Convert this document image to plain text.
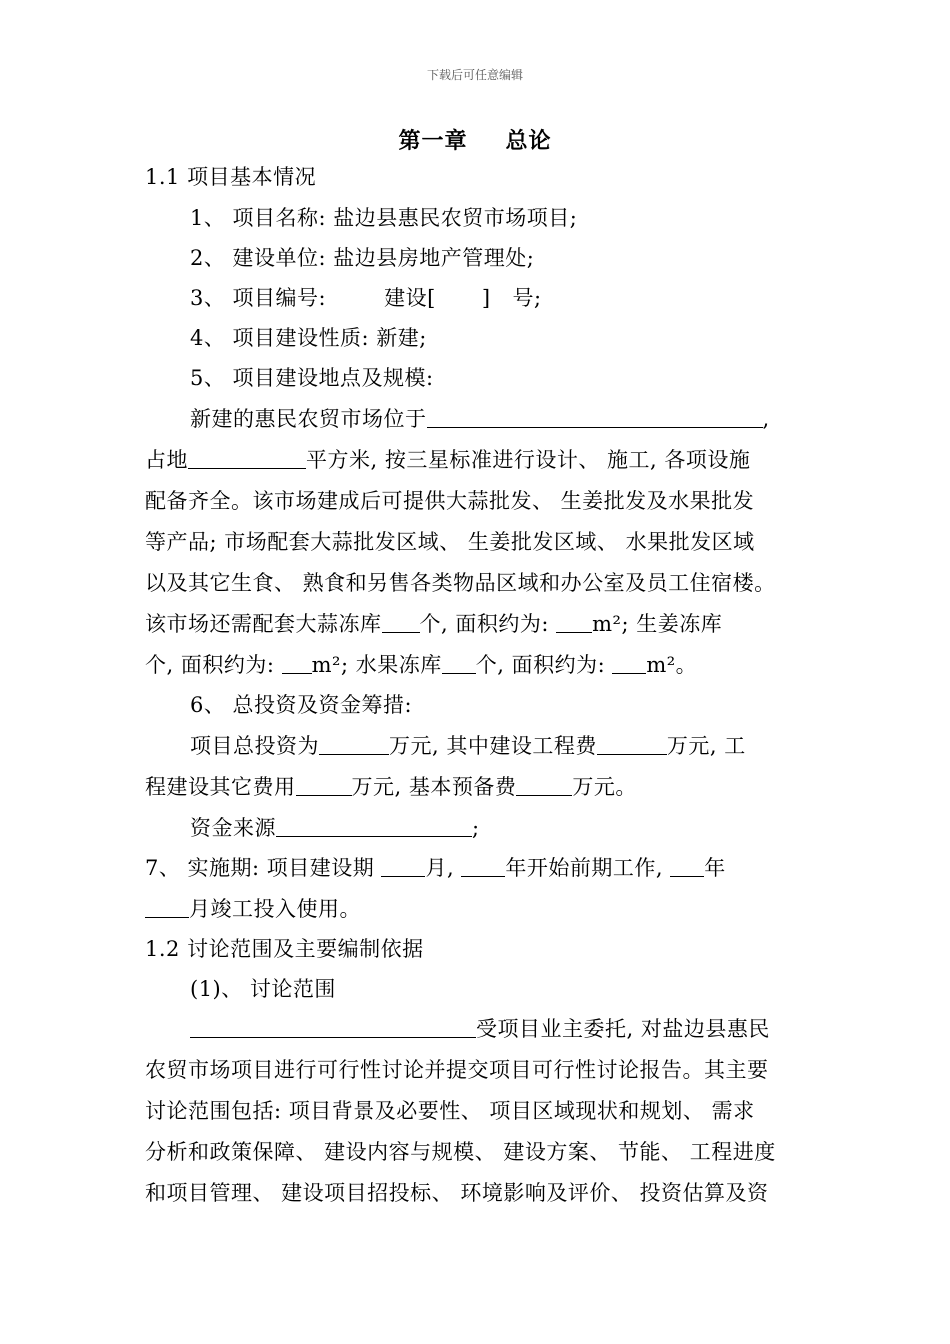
下载后可任意编辑
第一章 总论
1.1 项目基本情况
1、 项目名称: 盐边县惠民农贸市场项目;
2、 建设单位: 盐边县房地产管理处;
3、 项目编号:	建设[ ] 号;
4、 项目建设性质: 新建;
5、 项目建设地点及规模:
新建的惠民农贸市场位于	,
占地	平方米, 按三星标准进行设计、 施工, 各项设施
配备齐全。该市场建成后可提供大蒜批发、 生姜批发及水果批发
等产品; 市场配套大蒜批发区域、 生姜批发区域、 水果批发区域
以及其它生食、 熟食和另售各类物品区域和办公室及员工住宿楼。
该市场还需配套大蒜冻库 个, 面积约为: m²; 生姜冻库
个, 面积约为: m²; 水果冻库 个, 面积约为: m²。
6、 总投资及资金筹措:
项目总投资为	万元, 其中建设工程费	万元, 工
程建设其它费用	万元, 基本预备费	万元。
资金来源	;
7、 实施期: 项目建设期 月, 年开始前期工作, 年
月竣工投入使用。
1.2 讨论范围及主要编制依据
(1)、 讨论范围
受项目业主委托, 对盐边县惠民
农贸市场项目进行可行性讨论并提交项目可行性讨论报告。其主要
讨论范围包括: 项目背景及必要性、 项目区域现状和规划、 需求
分析和政策保障、 建设内容与规模、 建设方案、 节能、 工程进度
和项目管理、 建设项目招投标、 环境影响及评价、 投资估算及资
